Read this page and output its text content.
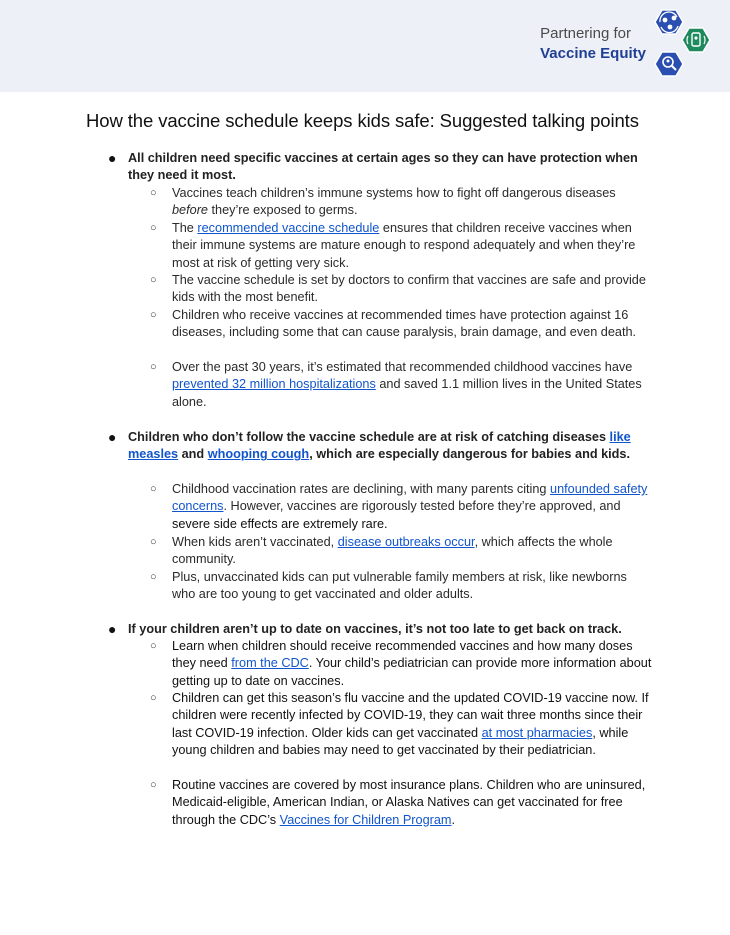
Partnering for
Vaccine Equity
How the vaccine schedule keeps kids safe: Suggested talking points
● All children need specific vaccines at certain ages so they can have protection when they need it most.
○ Vaccines teach children’s immune systems how to fight off dangerous diseases before they’re exposed to germs.
○ The recommended vaccine schedule ensures that children receive vaccines when their immune systems are mature enough to respond adequately and when they’re most at risk of getting very sick.
○ The vaccine schedule is set by doctors to confirm that vaccines are safe and provide kids with the most benefit.
○ Children who receive vaccines at recommended times have protection against 16 diseases, including some that can cause paralysis, brain damage, and even death.
○ Over the past 30 years, it’s estimated that recommended childhood vaccines have prevented 32 million hospitalizations and saved 1.1 million lives in the United States alone.
● Children who don’t follow the vaccine schedule are at risk of catching diseases like measles and whooping cough, which are especially dangerous for babies and kids.
○ Childhood vaccination rates are declining, with many parents citing unfounded safety concerns. However, vaccines are rigorously tested before they’re approved, and severe side effects are extremely rare.
○ When kids aren’t vaccinated, disease outbreaks occur, which affects the whole community.
○ Plus, unvaccinated kids can put vulnerable family members at risk, like newborns who are too young to get vaccinated and older adults.
● If your children aren’t up to date on vaccines, it’s not too late to get back on track.
○ Learn when children should receive recommended vaccines and how many doses they need from the CDC. Your child’s pediatrician can provide more information about getting up to date on vaccines.
○ Children can get this season’s flu vaccine and the updated COVID-19 vaccine now. If children were recently infected by COVID-19, they can wait three months since their last COVID-19 infection. Older kids can get vaccinated at most pharmacies, while young children and babies may need to get vaccinated by their pediatrician.
○ Routine vaccines are covered by most insurance plans. Children who are uninsured, Medicaid-eligible, American Indian, or Alaska Natives can get vaccinated for free through the CDC’s Vaccines for Children Program.
